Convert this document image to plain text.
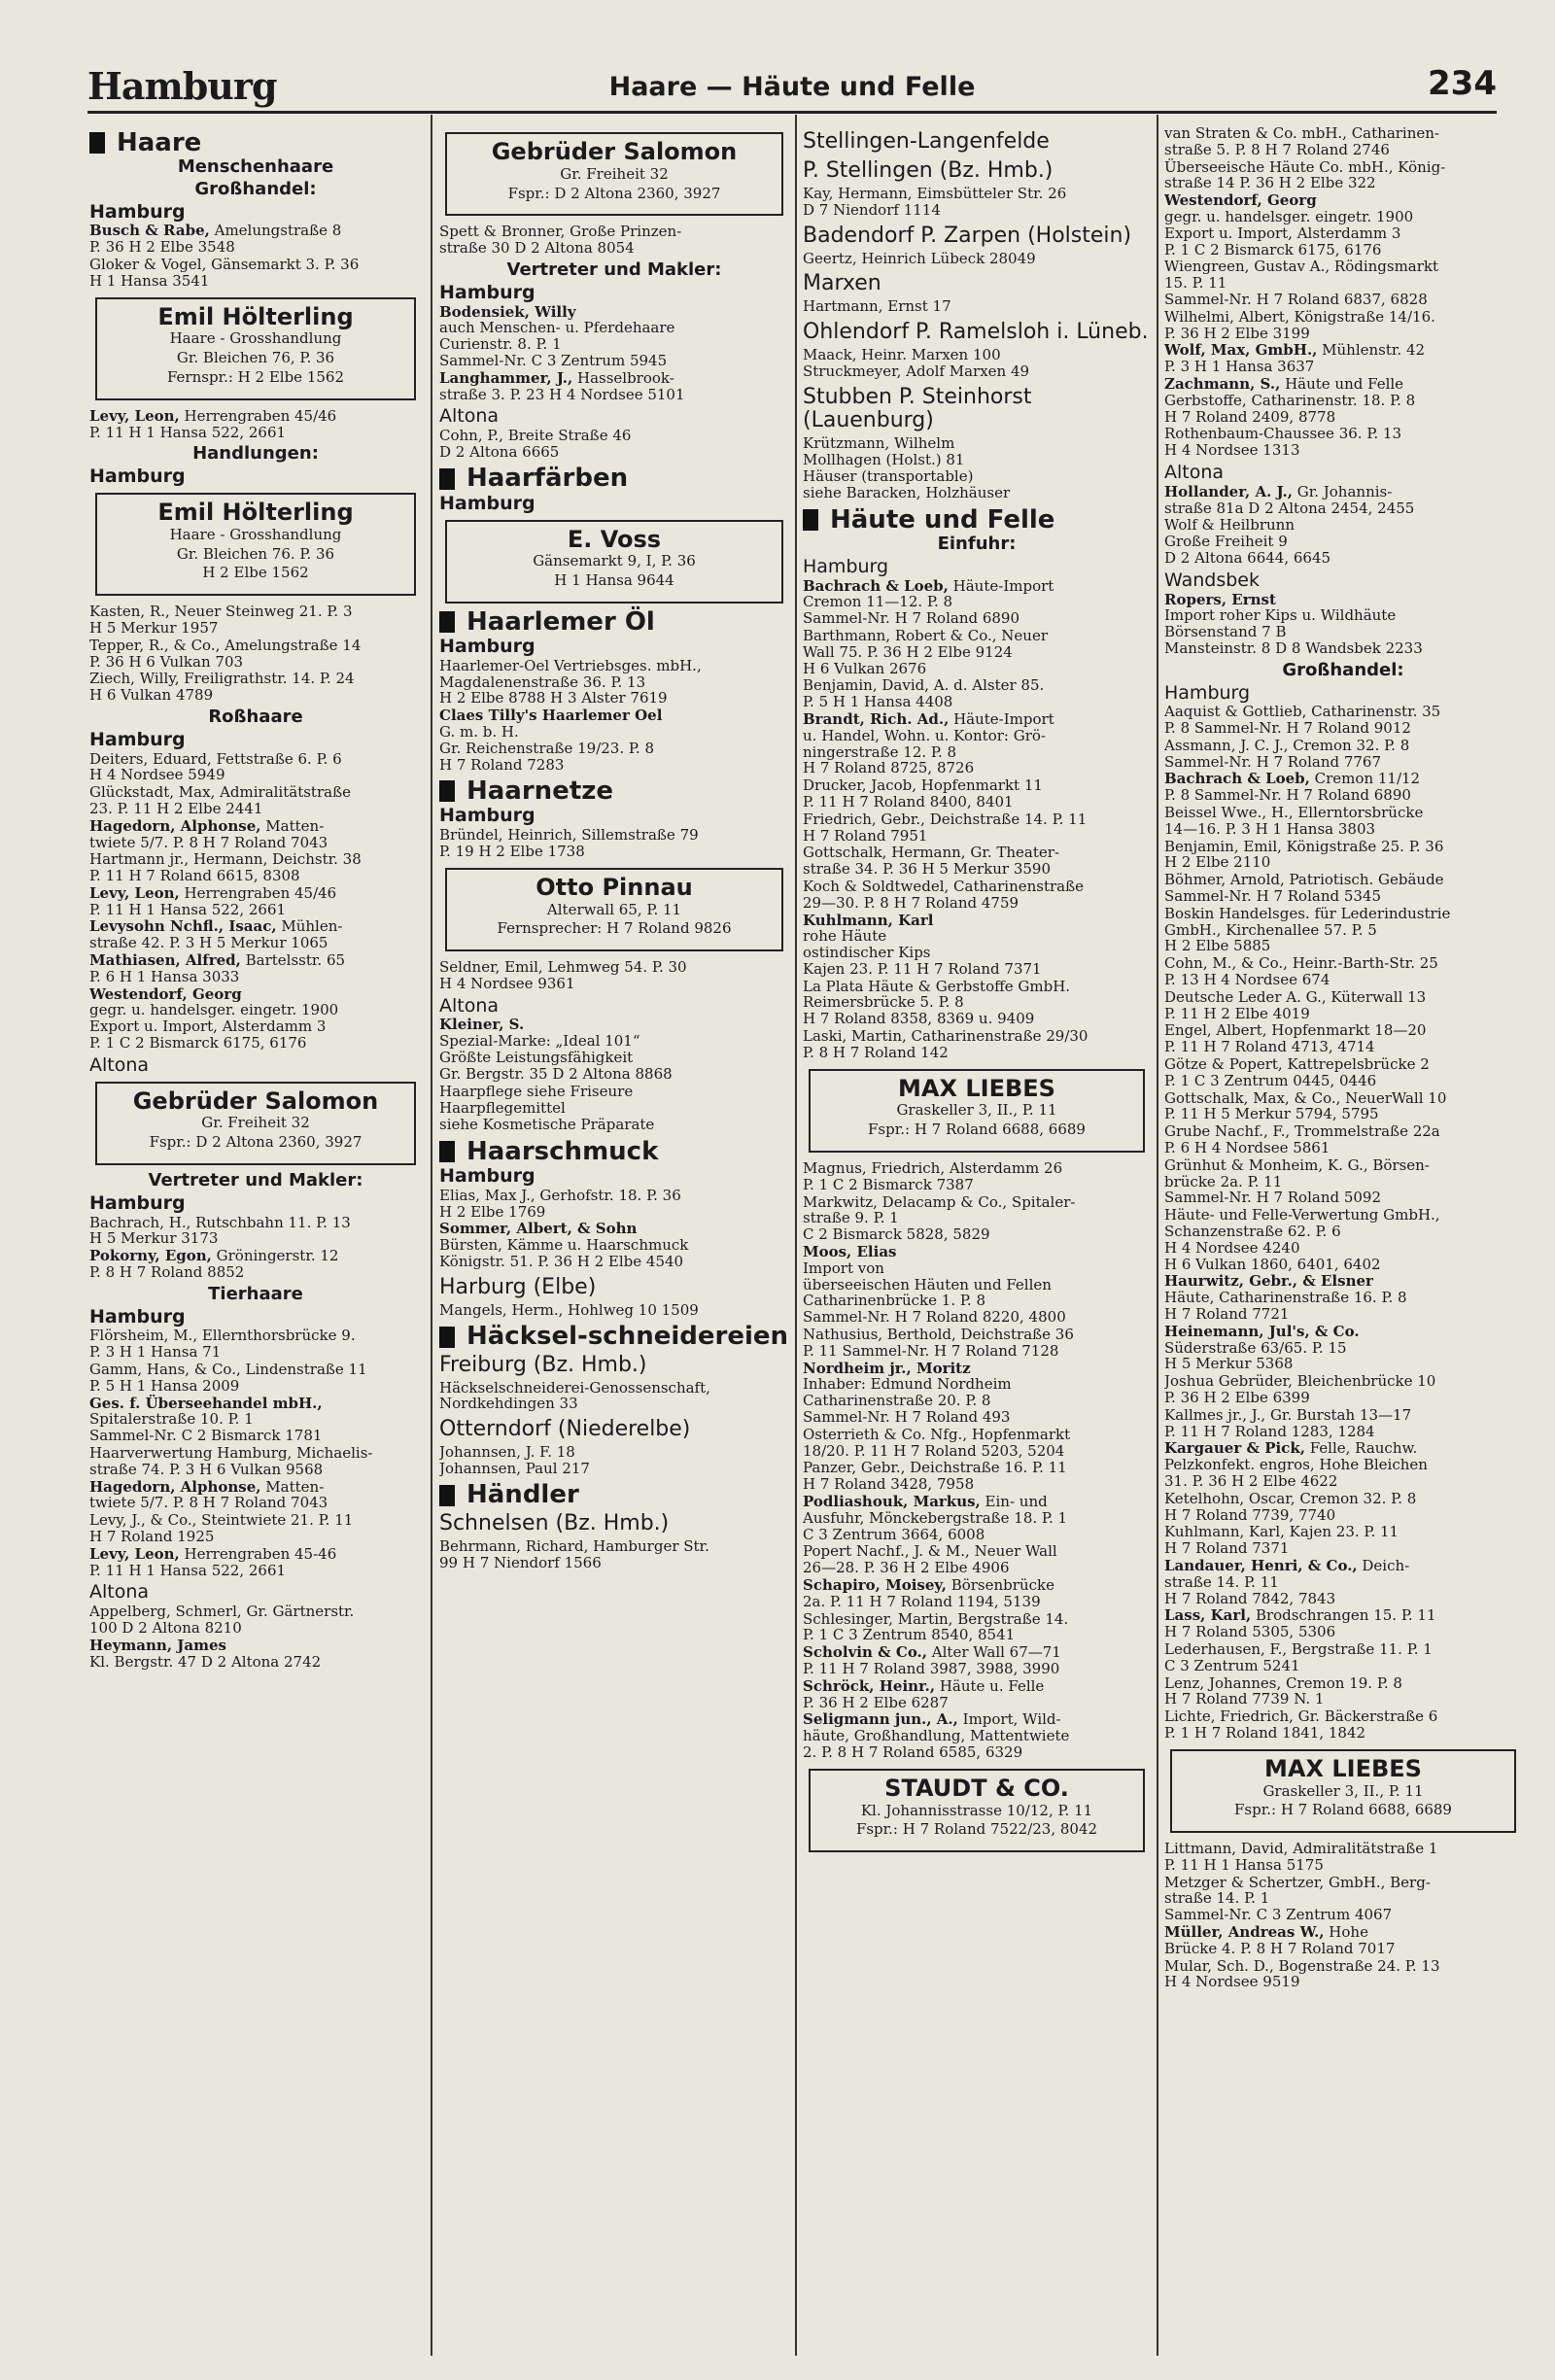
Hamburg	Haare — Häute und Felle	234
Haare
Menschenhaare
Großhandel:
Hamburg
Busch & Rabe, Amelungstraße 8
P. 36 H 2 Elbe 3548
Gloker & Vogel, Gänsemarkt 3. P. 36
H 1 Hansa 3541
Emil Hölterling
Haare - Grosshandlung
Gr. Bleichen 76, P. 36
Fernspr.: H 2 Elbe 1562
Levy, Leon, Herrengraben 45/46
P. 11 H 1 Hansa 522, 2661
Handlungen:
Hamburg
Emil Hölterling
Haare - Grosshandlung
Gr. Bleichen 76. P. 36
H 2 Elbe 1562
Kasten, R., Neuer Steinweg 21. P. 3
H 5 Merkur 1957
Tepper, R., & Co., Amelungstraße 14
P. 36 H 6 Vulkan 703
Ziech, Willy, Freiligrathstr. 14. P. 24
H 6 Vulkan 4789
Roßhaare
Hamburg
Deiters, Eduard, Fettstraße 6. P. 6
H 4 Nordsee 5949
Glückstadt, Max, Admiralitätstraße
23. P. 11 H 2 Elbe 2441
Hagedorn, Alphonse, Matten-
twiete 5/7. P. 8 H 7 Roland 7043
Hartmann jr., Hermann, Deichstr. 38
P. 11 H 7 Roland 6615, 8308
Levy, Leon, Herrengraben 45/46
P. 11 H 1 Hansa 522, 2661
Levysohn Nchfl., Isaac, Mühlen-
straße 42. P. 3 H 5 Merkur 1065
Mathiasen, Alfred, Bartelsstr. 65
P. 6 H 1 Hansa 3033
Westendorf, Georg
gegr. u. handelsger. eingetr. 1900
Export u. Import, Alsterdamm 3
P. 1 C 2 Bismarck 6175, 6176
Altona
Gebrüder Salomon
Gr. Freiheit 32
Fspr.: D 2 Altona 2360, 3927
Vertreter und Makler:
Hamburg
Bachrach, H., Rutschbahn 11. P. 13
H 5 Merkur 3173
Pokorny, Egon, Gröningerstr. 12
P. 8 H 7 Roland 8852
Tierhaare
Hamburg
Flörsheim, M., Ellernthorsbrücke 9.
P. 3 H 1 Hansa 71
Gamm, Hans, & Co., Lindenstraße 11
P. 5 H 1 Hansa 2009
Ges. f. Überseehandel mbH.,
Spitalerstraße 10. P. 1
Sammel-Nr. C 2 Bismarck 1781
Haarverwertung Hamburg, Michaelis-
straße 74. P. 3 H 6 Vulkan 9568
Hagedorn, Alphonse, Matten-
twiete 5/7. P. 8 H 7 Roland 7043
Levy, J., & Co., Steintwiete 21. P. 11
H 7 Roland 1925
Levy, Leon, Herrengraben 45-46
P. 11 H 1 Hansa 522, 2661
Altona
Appelberg, Schmerl, Gr. Gärtnerstr.
100 D 2 Altona 8210
Heymann, James
Kl. Bergstr. 47 D 2 Altona 2742
Gebrüder Salomon
Gr. Freiheit 32
Fspr.: D 2 Altona 2360, 3927
Spett & Bronner, Große Prinzen-
straße 30 D 2 Altona 8054
Vertreter und Makler:
Hamburg
Bodensiek, Willy
auch Menschen- u. Pferdehaare
Curienstr. 8. P. 1
Sammel-Nr. C 3 Zentrum 5945
Langhammer, J., Hasselbrook-
straße 3. P. 23 H 4 Nordsee 5101
Altona
Cohn, P., Breite Straße 46
D 2 Altona 6665
Haarfärben
Hamburg
E. Voss
Gänsemarkt 9, I, P. 36
H 1 Hansa 9644
Haarlemer Öl
Hamburg
Haarlemer-Oel Vertriebsges. mbH.,
Magdalenenstraße 36. P. 13
H 2 Elbe 8788 H 3 Alster 7619
Claes Tilly's Haarlemer Oel
G. m. b. H.
Gr. Reichenstraße 19/23. P. 8
H 7 Roland 7283
Haarnetze
Hamburg
Bründel, Heinrich, Sillemstraße 79
P. 19 H 2 Elbe 1738
Otto Pinnau
Alterwall 65, P. 11
Fernsprecher: H 7 Roland 9826
Seldner, Emil, Lehmweg 54. P. 30
H 4 Nordsee 9361
Altona
Kleiner, S.
Spezial-Marke: „Ideal 101“
Größte Leistungsfähigkeit
Gr. Bergstr. 35 D 2 Altona 8868
Haarpflege siehe Friseure
Haarpflegemittel
siehe Kosmetische Präparate
Haarschmuck
Hamburg
Elias, Max J., Gerhofstr. 18. P. 36
H 2 Elbe 1769
Sommer, Albert, & Sohn
Bürsten, Kämme u. Haarschmuck
Königstr. 51. P. 36 H 2 Elbe 4540
Harburg (Elbe)
Mangels, Herm., Hohlweg 10 1509
Häcksel-schneidereien
Freiburg (Bz. Hmb.)
Häckselschneiderei-Genossenschaft,
Nordkehdingen 33
Otterndorf (Niederelbe)
Johannsen, J. F. 18
Johannsen, Paul 217
Händler
Schnelsen (Bz. Hmb.)
Behrmann, Richard, Hamburger Str.
99 H 7 Niendorf 1566
Stellingen-Langenfelde
P. Stellingen (Bz. Hmb.)
Kay, Hermann, Eimsbütteler Str. 26
D 7 Niendorf 1114
Badendorf P. Zarpen (Holstein)
Geertz, Heinrich Lübeck 28049
Marxen
Hartmann, Ernst 17
Ohlendorf P. Ramelsloh i. Lüneb.
Maack, Heinr. Marxen 100
Struckmeyer, Adolf Marxen 49
Stubben P. Steinhorst (Lauenburg)
Krützmann, Wilhelm
Mollhagen (Holst.) 81
Häuser (transportable)
siehe Baracken, Holzhäuser
Häute und Felle
Einfuhr:
Hamburg
Bachrach & Loeb, Häute-Import
Cremon 11—12. P. 8
Sammel-Nr. H 7 Roland 6890
Barthmann, Robert & Co., Neuer
Wall 75. P. 36 H 2 Elbe 9124
H 6 Vulkan 2676
Benjamin, David, A. d. Alster 85.
P. 5 H 1 Hansa 4408
Brandt, Rich. Ad., Häute-Import
u. Handel, Wohn. u. Kontor: Grö-
ningerstraße 12. P. 8
H 7 Roland 8725, 8726
Drucker, Jacob, Hopfenmarkt 11
P. 11 H 7 Roland 8400, 8401
Friedrich, Gebr., Deichstraße 14. P. 11
H 7 Roland 7951
Gottschalk, Hermann, Gr. Theater-
straße 34. P. 36 H 5 Merkur 3590
Koch & Soldtwedel, Catharinenstraße
29—30. P. 8 H 7 Roland 4759
Kuhlmann, Karl
rohe Häute
ostindischer Kips
Kajen 23. P. 11 H 7 Roland 7371
La Plata Häute & Gerbstoffe GmbH.
Reimersbrücke 5. P. 8
H 7 Roland 8358, 8369 u. 9409
Laski, Martin, Catharinenstraße 29/30
P. 8 H 7 Roland 142
MAX LIEBES
Graskeller 3, II., P. 11
Fspr.: H 7 Roland 6688, 6689
Magnus, Friedrich, Alsterdamm 26
P. 1 C 2 Bismarck 7387
Markwitz, Delacamp & Co., Spitaler-
straße 9. P. 1
C 2 Bismarck 5828, 5829
Moos, Elias
Import von
überseeischen Häuten und Fellen
Catharinenbrücke 1. P. 8
Sammel-Nr. H 7 Roland 8220, 4800
Nathusius, Berthold, Deichstraße 36
P. 11 Sammel-Nr. H 7 Roland 7128
Nordheim jr., Moritz
Inhaber: Edmund Nordheim
Catharinenstraße 20. P. 8
Sammel-Nr. H 7 Roland 493
Osterrieth & Co. Nfg., Hopfenmarkt
18/20. P. 11 H 7 Roland 5203, 5204
Panzer, Gebr., Deichstraße 16. P. 11
H 7 Roland 3428, 7958
Podliashouk, Markus, Ein- und
Ausfuhr, Mönckebergstraße 18. P. 1
C 3 Zentrum 3664, 6008
Popert Nachf., J. & M., Neuer Wall
26—28. P. 36 H 2 Elbe 4906
Schapiro, Moisey, Börsenbrücke
2a. P. 11 H 7 Roland 1194, 5139
Schlesinger, Martin, Bergstraße 14.
P. 1 C 3 Zentrum 8540, 8541
Scholvin & Co., Alter Wall 67—71
P. 11 H 7 Roland 3987, 3988, 3990
Schröck, Heinr., Häute u. Felle
P. 36 H 2 Elbe 6287
Seligmann jun., A., Import, Wild-
häute, Großhandlung, Mattentwiete
2. P. 8 H 7 Roland 6585, 6329
STAUDT & CO.
Kl. Johannisstrasse 10/12, P. 11
Fspr.: H 7 Roland 7522/23, 8042
van Straten & Co. mbH., Catharinen-
straße 5. P. 8 H 7 Roland 2746
Überseeische Häute Co. mbH., König-
straße 14 P. 36 H 2 Elbe 322
Westendorf, Georg
gegr. u. handelsger. eingetr. 1900
Export u. Import, Alsterdamm 3
P. 1 C 2 Bismarck 6175, 6176
Wiengreen, Gustav A., Rödingsmarkt
15. P. 11
Sammel-Nr. H 7 Roland 6837, 6828
Wilhelmi, Albert, Königstraße 14/16.
P. 36 H 2 Elbe 3199
Wolf, Max, GmbH., Mühlenstr. 42
P. 3 H 1 Hansa 3637
Zachmann, S., Häute und Felle
Gerbstoffe, Catharinenstr. 18. P. 8
H 7 Roland 2409, 8778
Rothenbaum-Chaussee 36. P. 13
H 4 Nordsee 1313
Altona
Hollander, A. J., Gr. Johannis-
straße 81a D 2 Altona 2454, 2455
Wolf & Heilbrunn
Große Freiheit 9
D 2 Altona 6644, 6645
Wandsbek
Ropers, Ernst
Import roher Kips u. Wildhäute
Börsenstand 7 B
Mansteinstr. 8 D 8 Wandsbek 2233
Großhandel:
Hamburg
Aaquist & Gottlieb, Catharinenstr. 35
P. 8 Sammel-Nr. H 7 Roland 9012
Assmann, J. C. J., Cremon 32. P. 8
Sammel-Nr. H 7 Roland 7767
Bachrach & Loeb, Cremon 11/12
P. 8 Sammel-Nr. H 7 Roland 6890
Beissel Wwe., H., Ellerntorsbrücke
14—16. P. 3 H 1 Hansa 3803
Benjamin, Emil, Königstraße 25. P. 36
H 2 Elbe 2110
Böhmer, Arnold, Patriotisch. Gebäude
Sammel-Nr. H 7 Roland 5345
Boskin Handelsges. für Lederindustrie
GmbH., Kirchenallee 57. P. 5
H 2 Elbe 5885
Cohn, M., & Co., Heinr.-Barth-Str. 25
P. 13 H 4 Nordsee 674
Deutsche Leder A. G., Küterwall 13
P. 11 H 2 Elbe 4019
Engel, Albert, Hopfenmarkt 18—20
P. 11 H 7 Roland 4713, 4714
Götze & Popert, Kattrepelsbrücke 2
P. 1 C 3 Zentrum 0445, 0446
Gottschalk, Max, & Co., NeuerWall 10
P. 11 H 5 Merkur 5794, 5795
Grube Nachf., F., Trommelstraße 22a
P. 6 H 4 Nordsee 5861
Grünhut & Monheim, K. G., Börsen-
brücke 2a. P. 11
Sammel-Nr. H 7 Roland 5092
Häute- und Felle-Verwertung GmbH.,
Schanzenstraße 62. P. 6
H 4 Nordsee 4240
H 6 Vulkan 1860, 6401, 6402
Haurwitz, Gebr., & Elsner
Häute, Catharinenstraße 16. P. 8
H 7 Roland 7721
Heinemann, Jul's, & Co.
Süderstraße 63/65. P. 15
H 5 Merkur 5368
Joshua Gebrüder, Bleichenbrücke 10
P. 36 H 2 Elbe 6399
Kallmes jr., J., Gr. Burstah 13—17
P. 11 H 7 Roland 1283, 1284
Kargauer & Pick, Felle, Rauchw.
Pelzkonfekt. engros, Hohe Bleichen
31. P. 36 H 2 Elbe 4622
Ketelhohn, Oscar, Cremon 32. P. 8
H 7 Roland 7739, 7740
Kuhlmann, Karl, Kajen 23. P. 11
H 7 Roland 7371
Landauer, Henri, & Co., Deich-
straße 14. P. 11
H 7 Roland 7842, 7843
Lass, Karl, Brodschrangen 15. P. 11
H 7 Roland 5305, 5306
Lederhausen, F., Bergstraße 11. P. 1
C 3 Zentrum 5241
Lenz, Johannes, Cremon 19. P. 8
H 7 Roland 7739 N. 1
Lichte, Friedrich, Gr. Bäckerstraße 6
P. 1 H 7 Roland 1841, 1842
MAX LIEBES
Graskeller 3, II., P. 11
Fspr.: H 7 Roland 6688, 6689
Littmann, David, Admiralitätstraße 1
P. 11 H 1 Hansa 5175
Metzger & Schertzer, GmbH., Berg-
straße 14. P. 1
Sammel-Nr. C 3 Zentrum 4067
Müller, Andreas W., Hohe
Brücke 4. P. 8 H 7 Roland 7017
Mular, Sch. D., Bogenstraße 24. P. 13
H 4 Nordsee 9519
